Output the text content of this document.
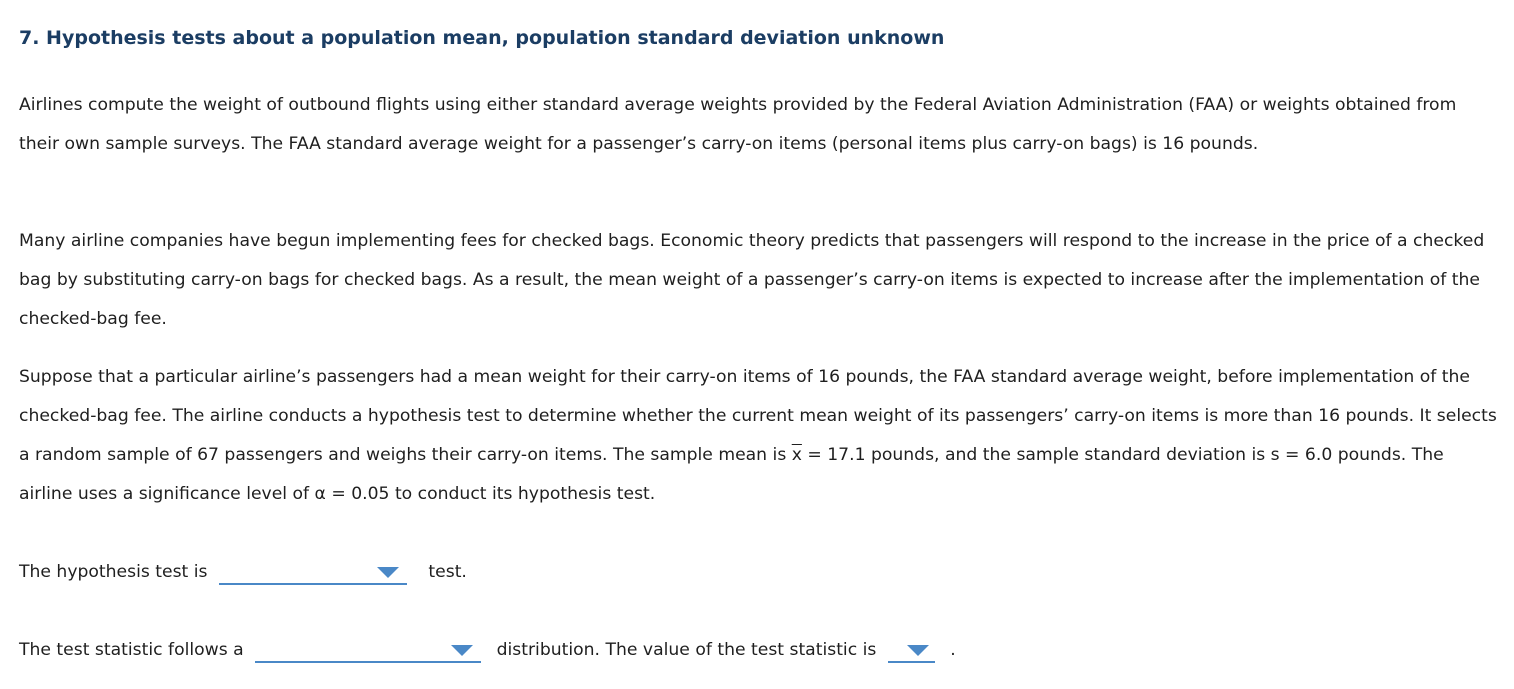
7. Hypothesis tests about a population mean, population standard deviation unknown

Airlines compute the weight of outbound flights using either standard average weights provided by the Federal Aviation Administration (FAA) or weights obtained from their own sample surveys. The FAA standard average weight for a passenger’s carry-on items (personal items plus carry-on bags) is 16 pounds.

Many airline companies have begun implementing fees for checked bags. Economic theory predicts that passengers will respond to the increase in the price of a checked bag by substituting carry-on bags for checked bags. As a result, the mean weight of a passenger’s carry-on items is expected to increase after the implementation of the checked-bag fee.

Suppose that a particular airline’s passengers had a mean weight for their carry-on items of 16 pounds, the FAA standard average weight, before implementation of the checked-bag fee. The airline conducts a hypothesis test to determine whether the current mean weight of its passengers’ carry-on items is more than 16 pounds. It selects a random sample of 67 passengers and weighs their carry-on items. The sample mean is $\overline{x} = 17.1$ pounds, and the sample standard deviation is s = 6.0 pounds. The airline uses a significance level of α = 0.05 to conduct its hypothesis test.

The hypothesis test is	test.
The test statistic follows a	distribution. The value of the test statistic is	.
